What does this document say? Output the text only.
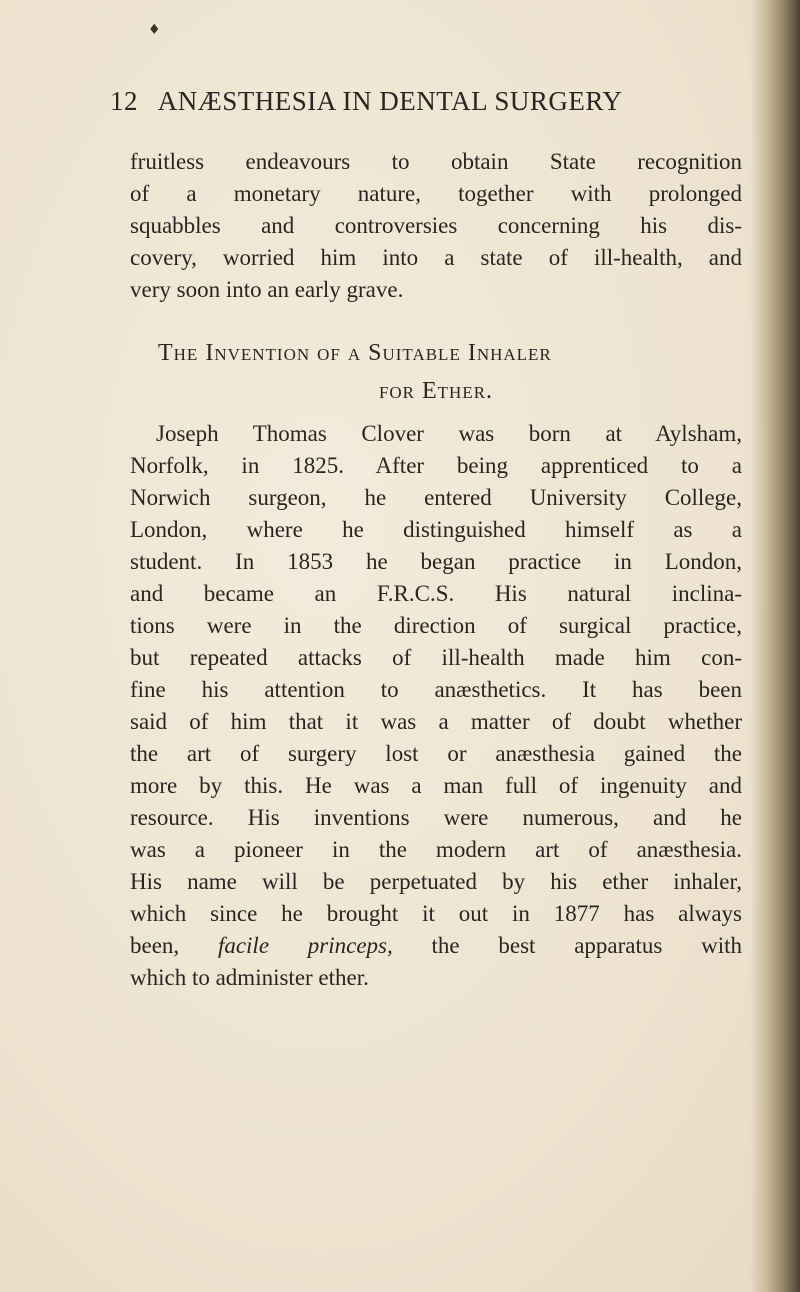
♦
12 ANÆSTHESIA IN DENTAL SURGERY
fruitless endeavours to obtain State recognition
of a monetary nature, together with prolonged
squabbles and controversies concerning his dis-
covery, worried him into a state of ill-health, and
very soon into an early grave.
The Invention of a Suitable Inhaler
for Ether.
Joseph Thomas Clover was born at Aylsham,
Norfolk, in 1825. After being apprenticed to a
Norwich surgeon, he entered University College,
London, where he distinguished himself as a
student. In 1853 he began practice in London,
and became an F.R.C.S. His natural inclina-
tions were in the direction of surgical practice,
but repeated attacks of ill-health made him con-
fine his attention to anæsthetics. It has been
said of him that it was a matter of doubt whether
the art of surgery lost or anæsthesia gained the
more by this. He was a man full of ingenuity and
resource. His inventions were numerous, and he
was a pioneer in the modern art of anæsthesia.
His name will be perpetuated by his ether inhaler,
which since he brought it out in 1877 has always
been, facile princeps, the best apparatus with
which to administer ether.
